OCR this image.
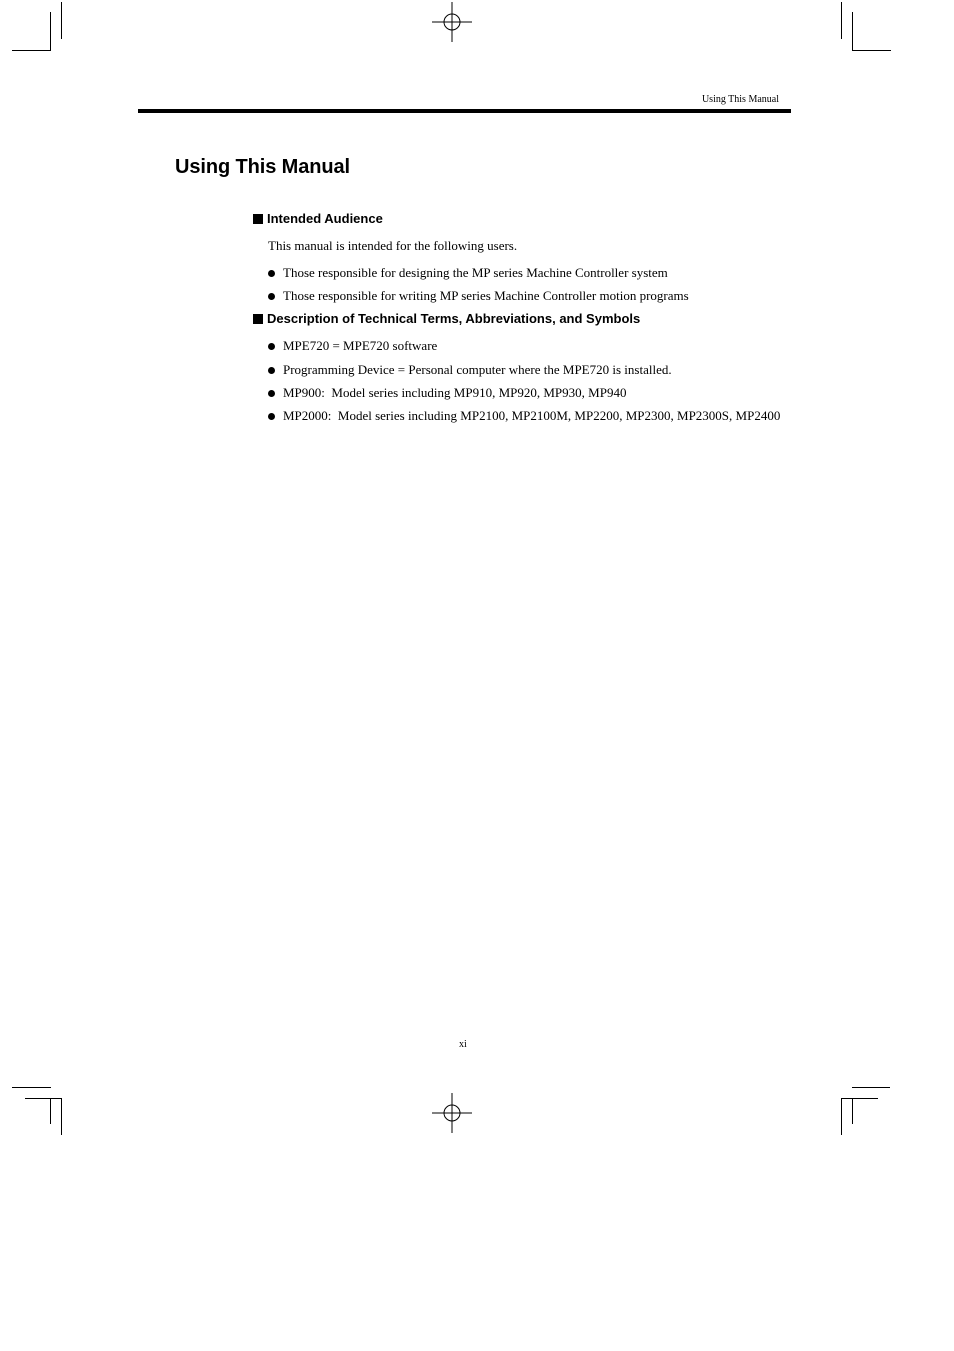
Using This Manual
Using This Manual
Intended Audience

This manual is intended for the following users.

Those responsible for designing the MP series Machine Controller system
Those responsible for writing MP series Machine Controller motion programs
Description of Technical Terms, Abbreviations, and Symbols
MPE720 = MPE720 software
Programming Device = Personal computer where the MPE720 is installed.
MP900:  Model series including MP910, MP920, MP930, MP940
MP2000:  Model series including MP2100, MP2100M, MP2200, MP2300, MP2300S, MP2400
xi
